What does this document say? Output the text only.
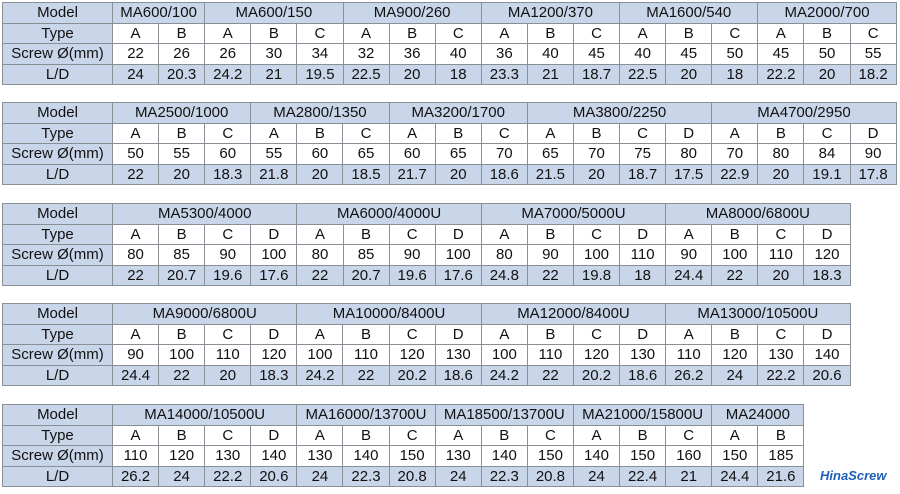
Model	MA600/100		MA600/150			MA900/260			MA1200/370			MA1600/540			MA2000/700		
Type	A	B	A	B	C	A	B	C	A	B	C	A	B	C	A	B	C
Screw Ø(mm)	22	26	26	30	34	32	36	40	36	40	45	40	45	50	45	50	55
L/D	24	20.3	24.2	21	19.5	22.5	20	18	23.3	21	18.7	22.5	20	18	22.2	20	18.2
Model	MA2500/1000			MA2800/1350			MA3200/1700			MA3800/2250				MA4700/2950			
Type	A	B	C	A	B	C	A	B	C	A	B	C	D	A	B	C	D
Screw Ø(mm)	50	55	60	55	60	65	60	65	70	65	70	75	80	70	80	84	90
L/D	22	20	18.3	21.8	20	18.5	21.7	20	18.6	21.5	20	18.7	17.5	22.9	20	19.1	17.8
Model	MA5300/4000				MA6000/4000U				MA7000/5000U				MA8000/6800U			
Type	A	B	C	D	A	B	C	D	A	B	C	D	A	B	C	D
Screw Ø(mm)	80	85	90	100	80	85	90	100	80	90	100	110	90	100	110	120
L/D	22	20.7	19.6	17.6	22	20.7	19.6	17.6	24.8	22	19.8	18	24.4	22	20	18.3
Model	MA9000/6800U				MA10000/8400U				MA12000/8400U				MA13000/10500U			
Type	A	B	C	D	A	B	C	D	A	B	C	D	A	B	C	D
Screw Ø(mm)	90	100	110	120	100	110	120	130	100	110	120	130	110	120	130	140
L/D	24.4	22	20	18.3	24.2	22	20.2	18.6	24.2	22	20.2	18.6	26.2	24	22.2	20.6
Model	MA14000/10500U				MA16000/13700U			MA18500/13700U			MA21000/15800U			MA24000	
Type	A	B	C	D	A	B	C	A	B	C	A	B	C	A	B
Screw Ø(mm)	110	120	130	140	130	140	150	130	140	150	140	150	160	150	185
L/D	26.2	24	22.2	20.6	24	22.3	20.8	24	22.3	20.8	24	22.4	21	24.4	21.6 HinaScrew
